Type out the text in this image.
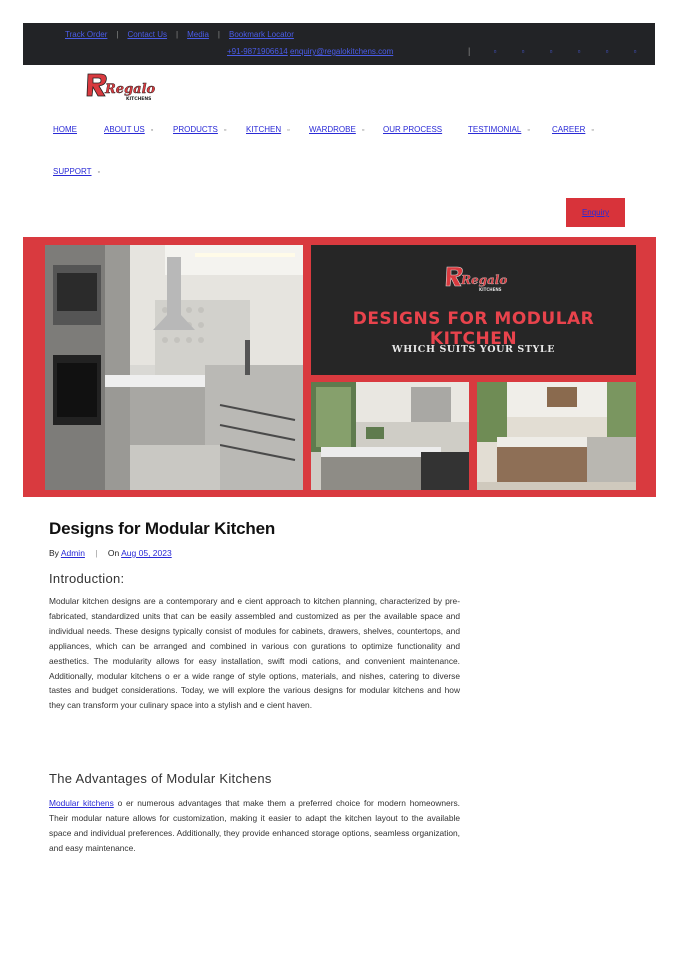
Track Order | Contact Us | Media | Bookmark Locator
+91-9871906614 enquiry@regalokitchens.com	|	▫	▫	▫	▫	▫	▫
Regalo
KITCHENS
HOME	ABOUT US ▫ PRODUCTS ▫ KITCHEN ▫ WARDROBE ▫ OUR PROCESS	TESTIMONIAL ▫	CAREER ▫
SUPPORT ▫
Enquiry
Regalo
KITCHENS
DESIGNS FOR MODULAR KITCHEN
WHICH SUITS YOUR STYLE
Designs for Modular Kitchen
By Admin | On Aug 05, 2023
Introduction:

Modular kitchen designs are a contemporary and e cient approach to kitchen planning, characterized by pre-fabricated, standardized units that can be easily assembled and customized as per the available space and individual needs. These designs typically consist of modules for cabinets, drawers, shelves, countertops, and appliances, which can be arranged and combined in various con gurations to optimize functionality and aesthetics. The modularity allows for easy installation, swift modi cations, and convenient maintenance. Additionally, modular kitchens o er a wide range of style options, materials, and nishes, catering to diverse tastes and budget considerations. Today, we will explore the various designs for modular kitchens and how they can transform your culinary space into a stylish and e cient haven.

The Advantages of Modular Kitchens

Modular kitchens o er numerous advantages that make them a preferred choice for modern homeowners. Their modular nature allows for customization, making it easier to adapt the kitchen layout to the available space and individual preferences. Additionally, they provide enhanced storage options, seamless organization, and easy maintenance.
